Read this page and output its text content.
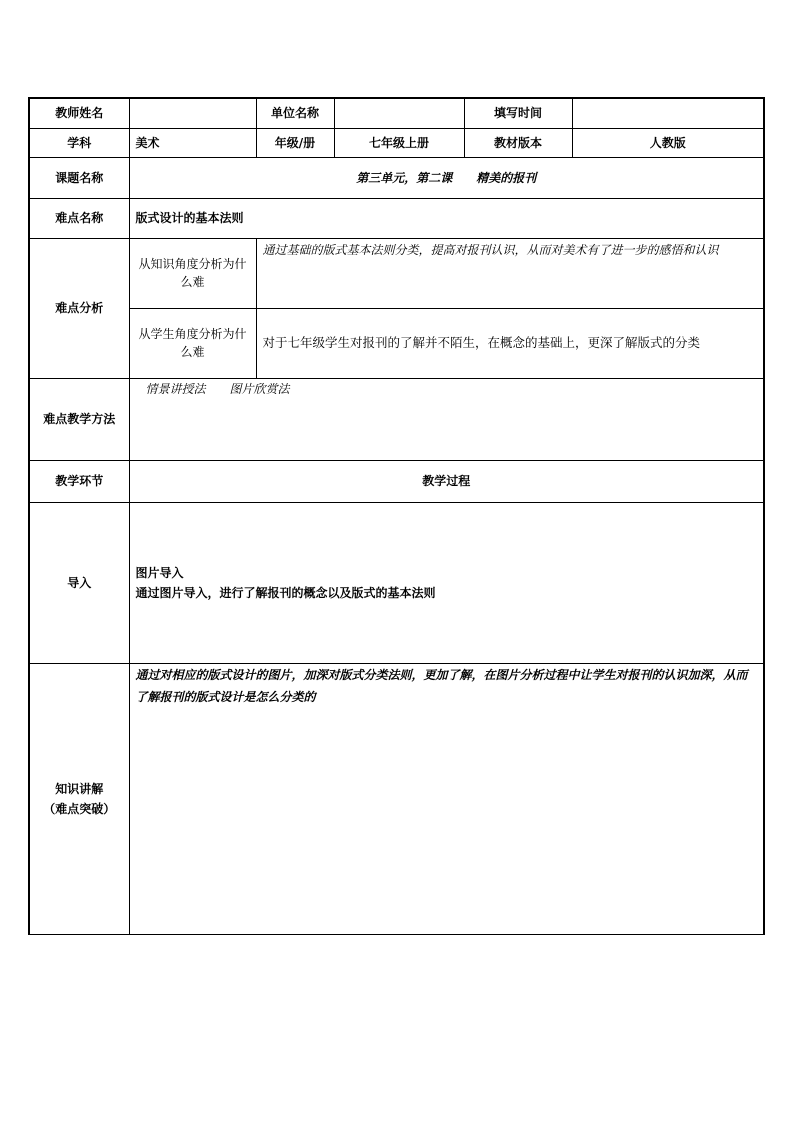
教师姓名		单位名称		填写时间	
学科	美术	年级/册	七年级上册	教材版本	人教版
课题名称	第三单元，第二课　　精美的报刊				
难点名称	版式设计的基本法则				
难点分析	从知识角度分析为什么难	通过基础的版式基本法则分类，提高对报刊认识，从而对美术有了进一步的感悟和认识			
	从学生角度分析为什么难	对于七年级学生对报刊的了解并不陌生，在概念的基础上，更深了解版式的分类			
难点教学方法	情景讲授法　　图片欣赏法				
教学环节	教学过程				
导入	图片导入
通过图片导入，进行了解报刊的概念以及版式的基本法则				

知识讲解
（难点突破）	通过对相应的版式设计的图片，加深对版式分类法则，更加了解，在图片分析过程中让学生对报刊的认识加深，从而了解报刊的版式设计是怎么分类的				
